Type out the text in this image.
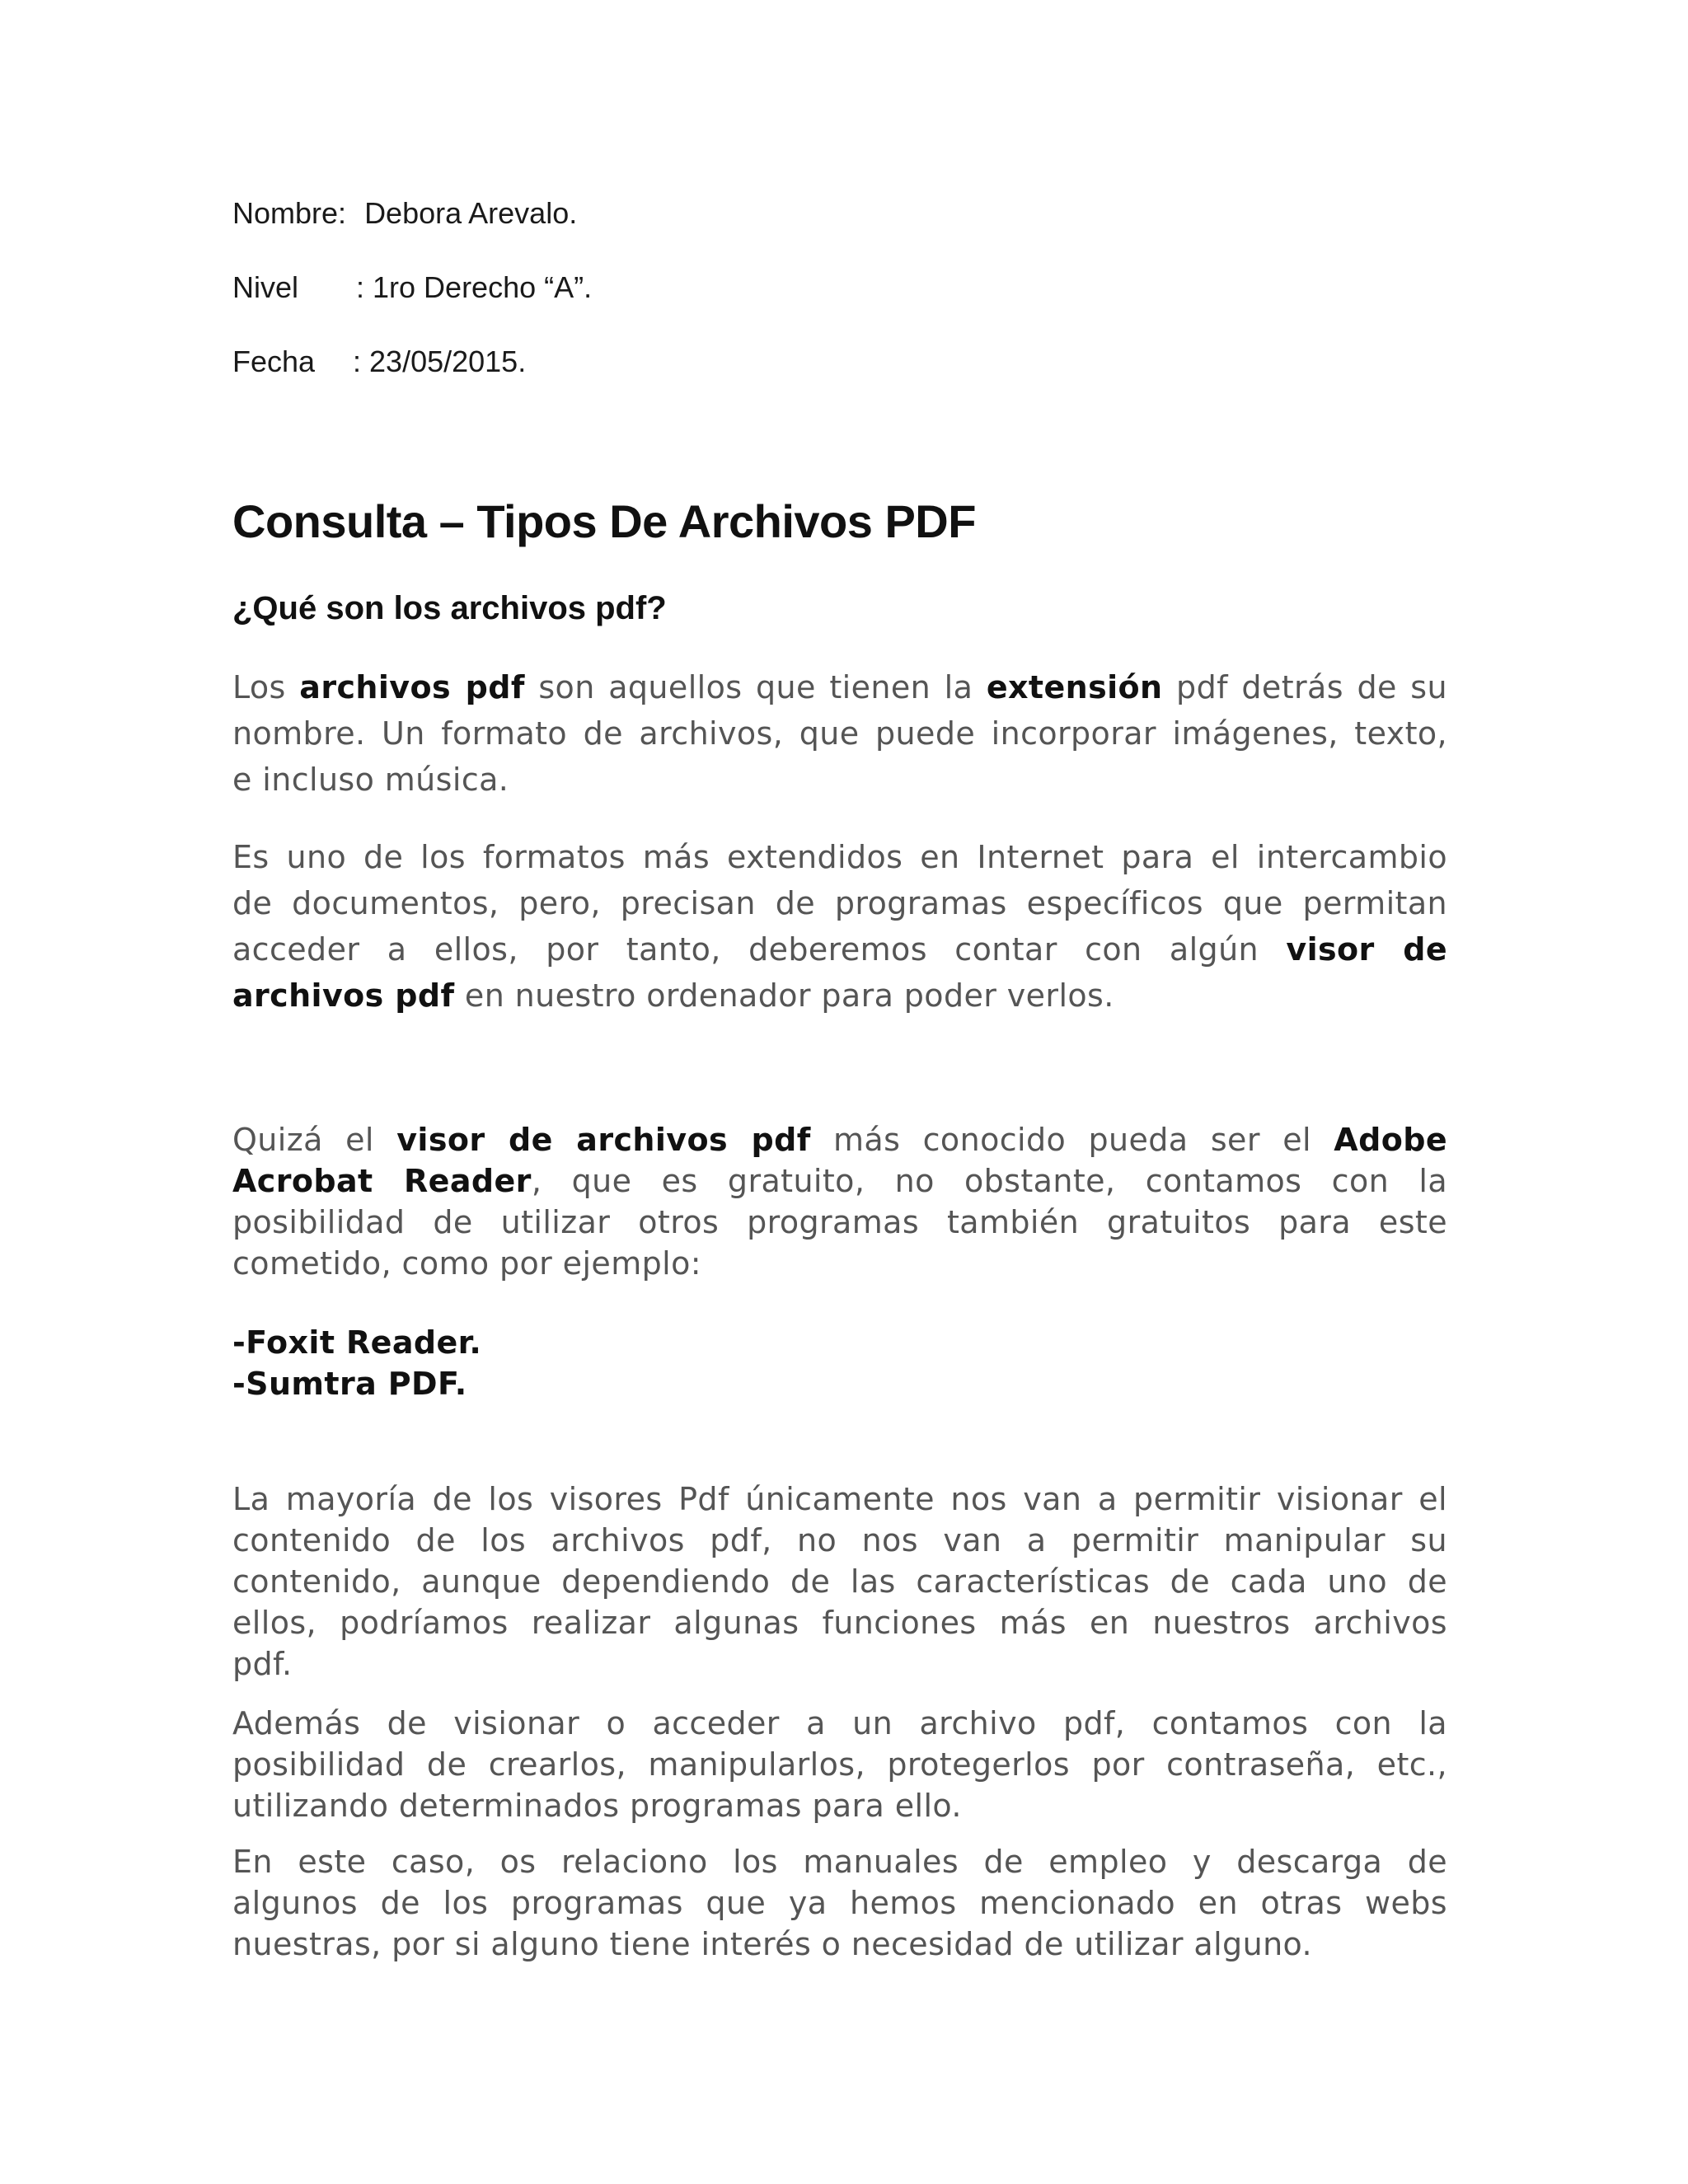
Nombre: Debora Arevalo.
Nivel : 1ro Derecho “A”.
Fecha : 23/05/2015.
Consulta – Tipos De Archivos PDF
¿Qué son los archivos pdf?
Los archivos pdf son aquellos que tienen la extensión pdf detrás de su
nombre. Un formato de archivos, que puede incorporar imágenes, texto,
e incluso música.
Es uno de los formatos más extendidos en Internet para el intercambio
de documentos, pero, precisan de programas específicos que permitan
acceder a ellos, por tanto, deberemos contar con algún visor de
archivos pdf en nuestro ordenador para poder verlos.
Quizá el visor de archivos pdf más conocido pueda ser el Adobe
Acrobat Reader, que es gratuito, no obstante, contamos con la
posibilidad de utilizar otros programas también gratuitos para este
cometido, como por ejemplo:
-Foxit Reader.
-Sumtra PDF.
La mayoría de los visores Pdf únicamente nos van a permitir visionar el
contenido de los archivos pdf, no nos van a permitir manipular su
contenido, aunque dependiendo de las características de cada uno de
ellos, podríamos realizar algunas funciones más en nuestros archivos
pdf.
Además de visionar o acceder a un archivo pdf, contamos con la
posibilidad de crearlos, manipularlos, protegerlos por contraseña, etc.,
utilizando determinados programas para ello.
En este caso, os relaciono los manuales de empleo y descarga de
algunos de los programas que ya hemos mencionado en otras webs
nuestras, por si alguno tiene interés o necesidad de utilizar alguno.
